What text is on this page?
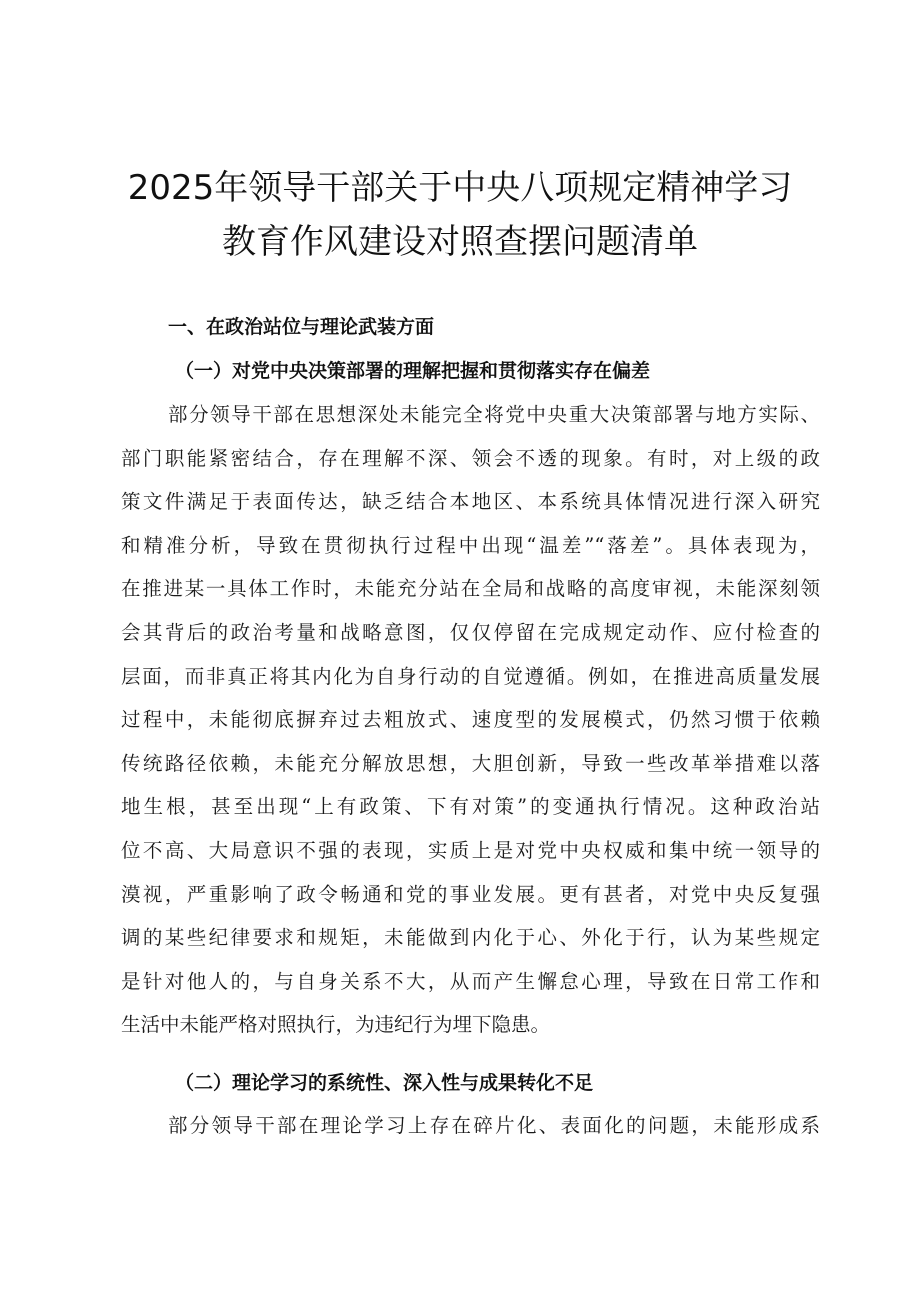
2025年领导干部关于中央八项规定精神学习
教育作风建设对照查摆问题清单
一、在政治站位与理论武装方面
（一）对党中央决策部署的理解把握和贯彻落实存在偏差
部分领导干部在思想深处未能完全将党中央重大决策部署与地方实际、
部门职能紧密结合，存在理解不深、领会不透的现象。有时，对上级的政
策文件满足于表面传达，缺乏结合本地区、本系统具体情况进行深入研究
和精准分析，导致在贯彻执行过程中出现“温差”“落差”。具体表现为，
在推进某一具体工作时，未能充分站在全局和战略的高度审视，未能深刻领
会其背后的政治考量和战略意图，仅仅停留在完成规定动作、应付检查的
层面，而非真正将其内化为自身行动的自觉遵循。例如，在推进高质量发展
过程中，未能彻底摒弃过去粗放式、速度型的发展模式，仍然习惯于依赖
传统路径依赖，未能充分解放思想，大胆创新，导致一些改革举措难以落
地生根，甚至出现“上有政策、下有对策”的变通执行情况。这种政治站
位不高、大局意识不强的表现，实质上是对党中央权威和集中统一领导的
漠视，严重影响了政令畅通和党的事业发展。更有甚者，对党中央反复强
调的某些纪律要求和规矩，未能做到内化于心、外化于行，认为某些规定
是针对他人的，与自身关系不大，从而产生懈怠心理，导致在日常工作和
生活中未能严格对照执行，为违纪行为埋下隐患。
（二）理论学习的系统性、深入性与成果转化不足
部分领导干部在理论学习上存在碎片化、表面化的问题，未能形成系
